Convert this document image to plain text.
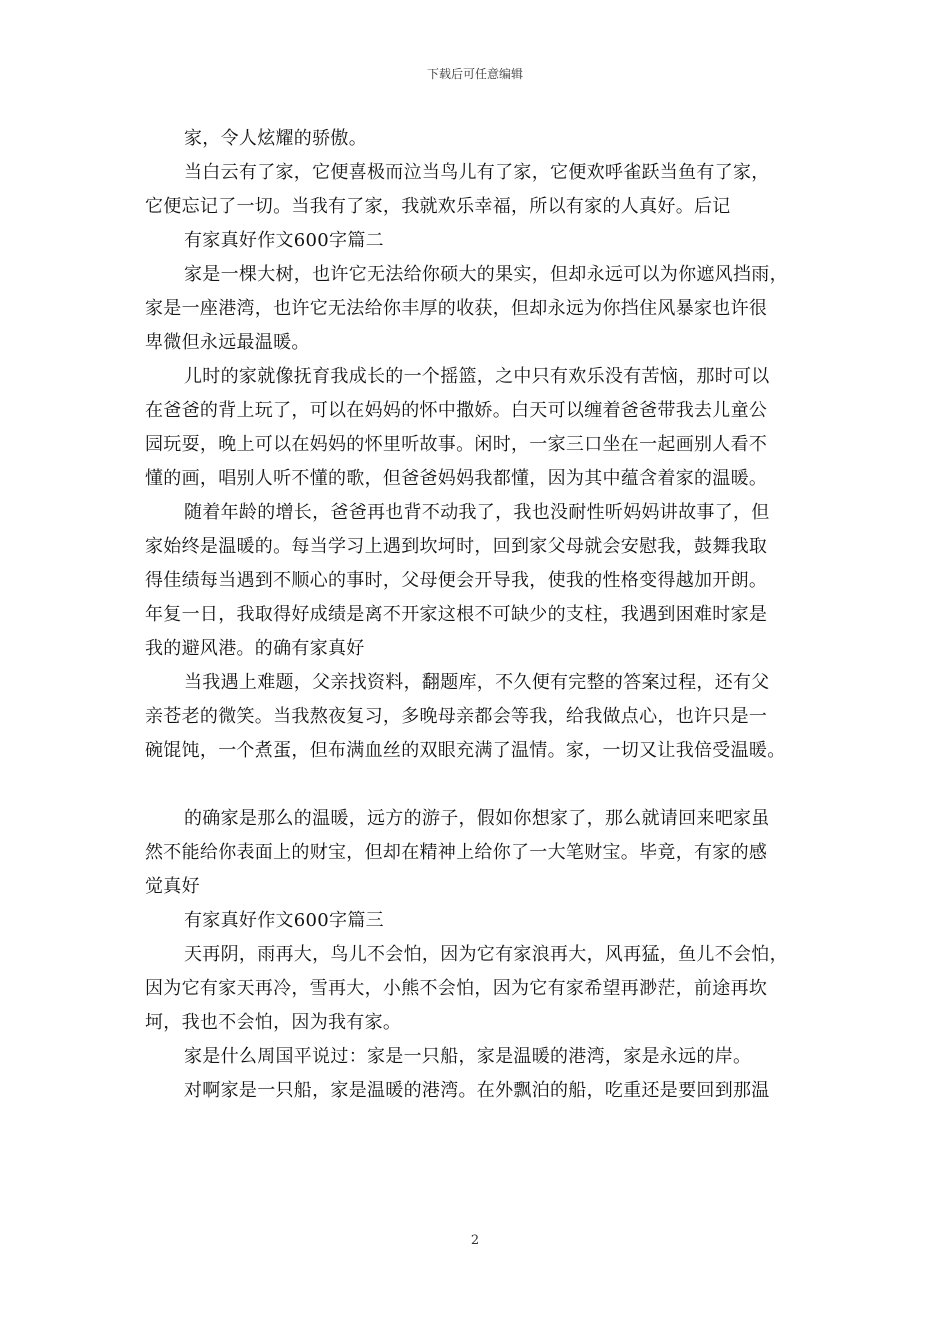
下载后可任意编辑
家，令人炫耀的骄傲。
当白云有了家，它便喜极而泣当鸟儿有了家，它便欢呼雀跃当鱼有了家，
它便忘记了一切。当我有了家，我就欢乐幸福，所以有家的人真好。后记
有家真好作文600字篇二
家是一棵大树，也许它无法给你硕大的果实，但却永远可以为你遮风挡雨，
家是一座港湾，也许它无法给你丰厚的收获，但却永远为你挡住风暴家也许很
卑微但永远最温暖。
儿时的家就像抚育我成长的一个摇篮，之中只有欢乐没有苦恼，那时可以
在爸爸的背上玩了，可以在妈妈的怀中撒娇。白天可以缠着爸爸带我去儿童公
园玩耍，晚上可以在妈妈的怀里听故事。闲时，一家三口坐在一起画别人看不
懂的画，唱别人听不懂的歌，但爸爸妈妈我都懂，因为其中蕴含着家的温暖。
随着年龄的增长，爸爸再也背不动我了，我也没耐性听妈妈讲故事了，但
家始终是温暖的。每当学习上遇到坎坷时，回到家父母就会安慰我，鼓舞我取
得佳绩每当遇到不顺心的事时，父母便会开导我，使我的性格变得越加开朗。
年复一日，我取得好成绩是离不开家这根不可缺少的支柱，我遇到困难时家是
我的避风港。的确有家真好
当我遇上难题，父亲找资料，翻题库，不久便有完整的答案过程，还有父
亲苍老的微笑。当我熬夜复习，多晚母亲都会等我，给我做点心，也许只是一
碗馄饨，一个煮蛋，但布满血丝的双眼充满了温情。家，一切又让我倍受温暖。
的确家是那么的温暖，远方的游子，假如你想家了，那么就请回来吧家虽
然不能给你表面上的财宝，但却在精神上给你了一大笔财宝。毕竟，有家的感
觉真好
有家真好作文600字篇三
天再阴，雨再大，鸟儿不会怕，因为它有家浪再大，风再猛，鱼儿不会怕，
因为它有家天再冷，雪再大，小熊不会怕，因为它有家希望再渺茫，前途再坎
坷，我也不会怕，因为我有家。
家是什么周国平说过：家是一只船，家是温暖的港湾，家是永远的岸。
对啊家是一只船，家是温暖的港湾。在外飘泊的船，吃重还是要回到那温
2
